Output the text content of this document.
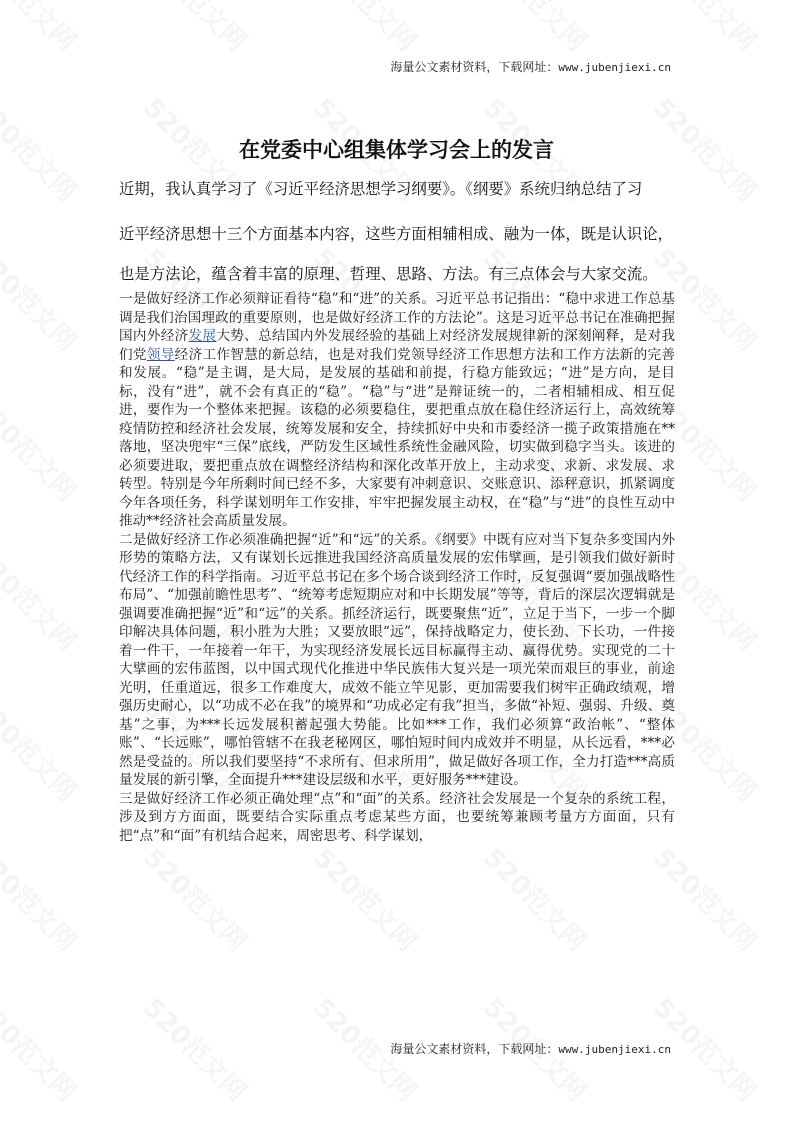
海量公文素材资料，下载网址：www.jubenjiexi.cn
在党委中心组集体学习会上的发言
近期，我认真学习了《习近平经济思想学习纲要》。《纲要》系统归纳总结了习
近平经济思想十三个方面基本内容，这些方面相辅相成、融为一体，既是认识论，
也是方法论，蕴含着丰富的原理、哲理、思路、方法。有三点体会与大家交流。

一是做好经济工作必须辩证看待“稳”和“进”的关系。习近平总书记指出：“稳中求进工作总基调是我们治国理政的重要原则，也是做好经济工作的方法论”。这是习近平总书记在准确把握国内外经济发展大势、总结国内外发展经验的基础上对经济发展规律新的深刻阐释，是对我们党领导经济工作智慧的新总结，也是对我们党领导经济工作思想方法和工作方法新的完善和发展。“稳”是主调，是大局，是发展的基础和前提，行稳方能致远；“进”是方向，是目标，没有“进”，就不会有真正的“稳”。“稳”与“进”是辩证统一的，二者相辅相成、相互促进，要作为一个整体来把握。该稳的必须要稳住，要把重点放在稳住经济运行上，高效统筹疫情防控和经济社会发展，统筹发展和安全，持续抓好中央和市委经济一揽子政策措施在**落地，坚决兜牢“三保”底线，严防发生区域性系统性金融风险，切实做到稳字当头。该进的必须要进取，要把重点放在调整经济结构和深化改革开放上，主动求变、求新、求发展、求转型。特别是今年所剩时间已经不多，大家要有冲刺意识、交账意识、添秤意识，抓紧调度今年各项任务，科学谋划明年工作安排，牢牢把握发展主动权，在“稳”与“进”的良性互动中推动**经济社会高质量发展。

二是做好经济工作必须准确把握“近”和“远”的关系。《纲要》中既有应对当下复杂多变国内外形势的策略方法，又有谋划长远推进我国经济高质量发展的宏伟擘画，是引领我们做好新时代经济工作的科学指南。习近平总书记在多个场合谈到经济工作时，反复强调“要加强战略性布局”、“加强前瞻性思考”、“统筹考虑短期应对和中长期发展”等等，背后的深层次逻辑就是强调要准确把握“近”和“远”的关系。抓经济运行，既要聚焦“近”，立足于当下，一步一个脚印解决具体问题，积小胜为大胜；又要放眼“远”，保持战略定力，使长劲、下长功，一件接着一件干，一年接着一年干，为实现经济发展长远目标赢得主动、赢得优势。实现党的二十大擘画的宏伟蓝图，以中国式现代化推进中华民族伟大复兴是一项光荣而艰巨的事业，前途光明，任重道远，很多工作难度大，成效不能立竿见影，更加需要我们树牢正确政绩观，增强历史耐心，以“功成不必在我”的境界和“功成必定有我”担当，多做“补短、强弱、升级、奠基”之事，为***长远发展积蓄起强大势能。比如***工作，我们必须算“政治帐”、“整体账”、“长远账”，哪怕管辖不在我老秘网区，哪怕短时间内成效并不明显，从长远看，***必然是受益的。所以我们要坚持“不求所有、但求所用”，做足做好各项工作，全力打造***高质量发展的新引擎，全面提升***建设层级和水平，更好服务***建设。

三是做好经济工作必须正确处理“点”和“面”的关系。经济社会发展是一个复杂的系统工程，涉及到方方面面，既要结合实际重点考虑某些方面，也要统筹兼顾考量方方面面，只有把“点”和“面”有机结合起来，周密思考、科学谋划，

海量公文素材资料，下载网址：www.jubenjiexi.cn
